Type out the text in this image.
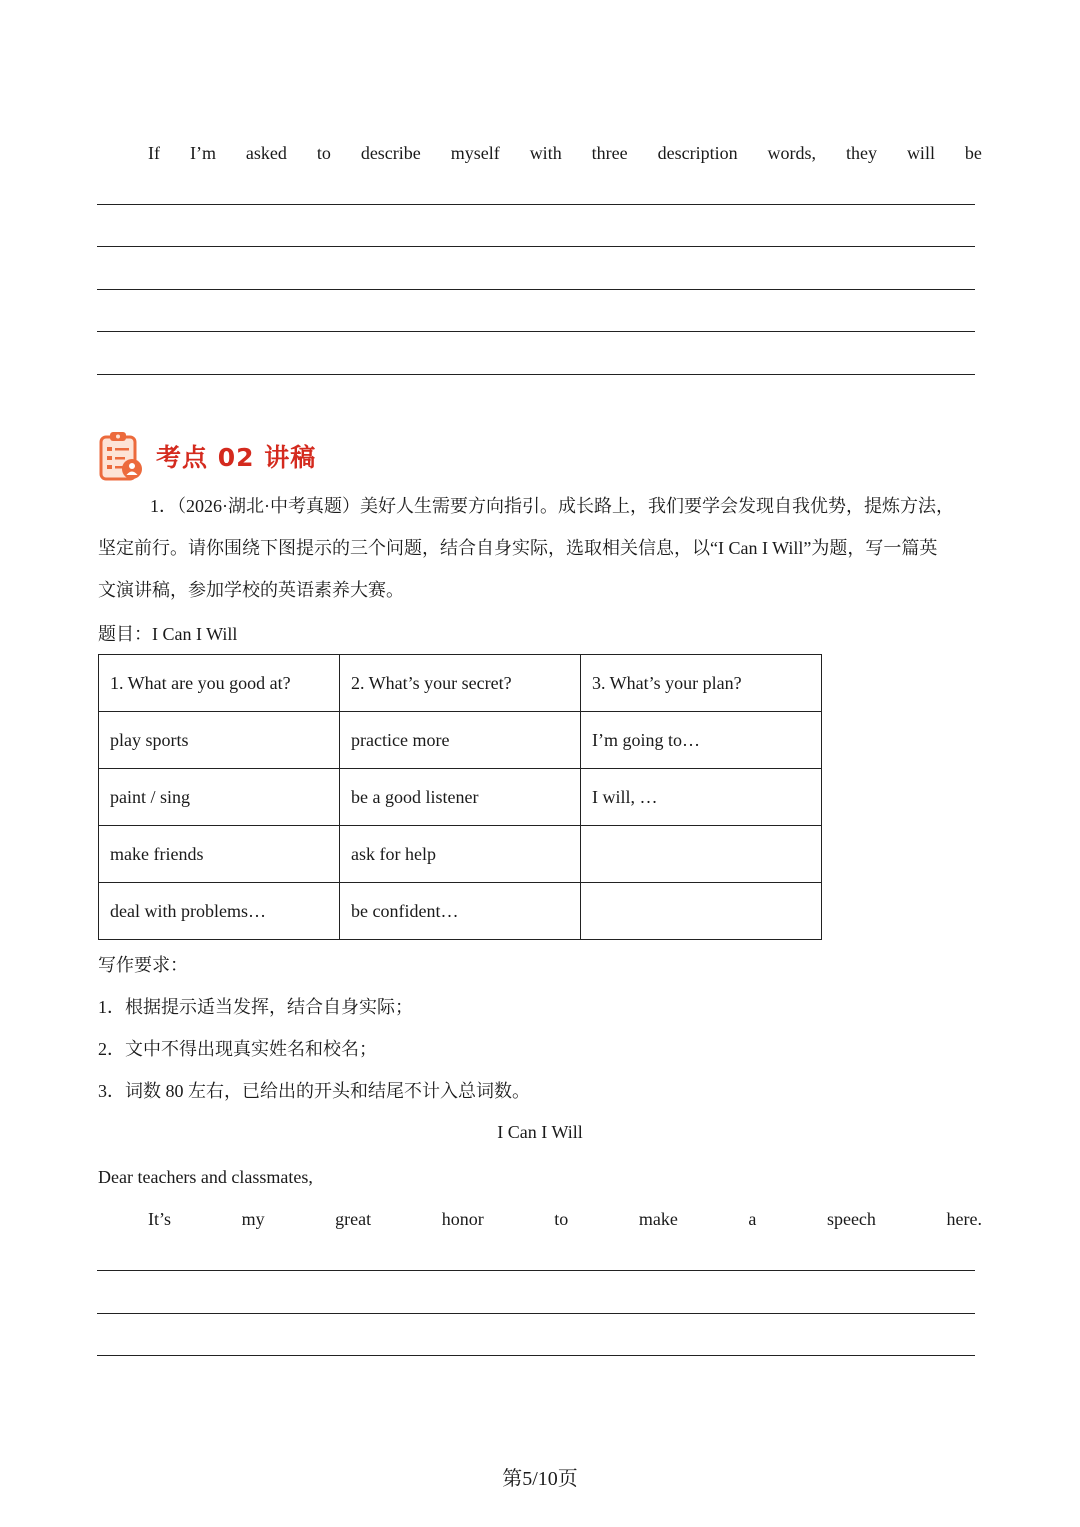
If I’m asked to describe myself with three description words, they will be
考点 02 讲稿
1．（2026·湖北·中考真题）美好人生需要方向指引。成长路上，我们要学会发现自我优势，提炼方法，
坚定前行。请你围绕下图提示的三个问题，结合自身实际，选取相关信息，以“I Can I Will”为题，写一篇英
文演讲稿，参加学校的英语素养大赛。
题目：I Can I Will
1. What are you good at?	2. What’s your secret?	3. What’s your plan?
play sports	practice more	I’m going to…
paint / sing	be a good listener	I will, …
make friends	ask for help	
deal with problems…	be confident…	
写作要求：
1．根据提示适当发挥，结合自身实际；
2．文中不得出现真实姓名和校名；
3．词数 80 左右，已给出的开头和结尾不计入总词数。
I Can I Will
Dear teachers and classmates,
It’s	my	great	honor	to	make	a	speech	here.
第5/10页
